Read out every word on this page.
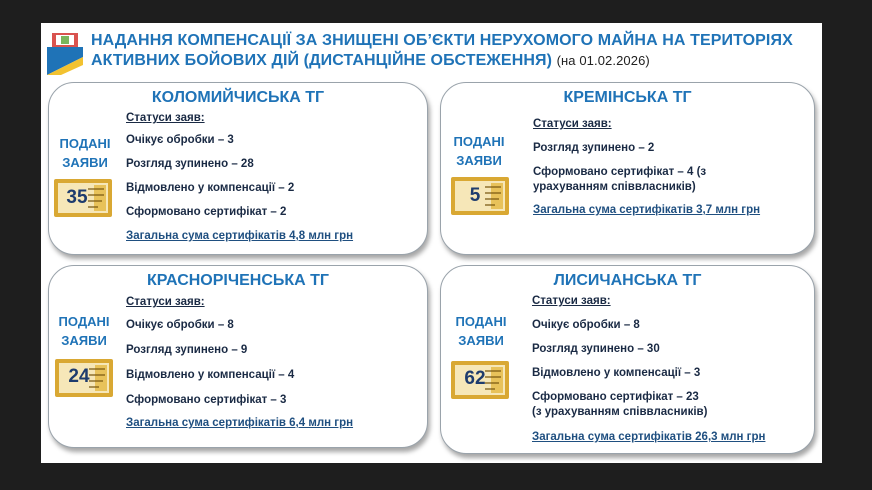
НАДАННЯ КОМПЕНСАЦІЇ ЗА ЗНИЩЕНІ ОБ’ЄКТИ НЕРУХОМОГО МАЙНА НА ТЕРИТОРІЯХ
АКТИВНИХ БОЙОВИХ ДІЙ (ДИСТАНЦІЙНЕ ОБСТЕЖЕННЯ) (на 01.02.2026)
КОЛОМИЙЧИСЬКА ТГ
ПОДАНІ
ЗАЯВИ
35
Статуси заяв:
Очікує обробки – 3
Розгляд зупинено – 28
Відмовлено у компенсації – 2
Сформовано сертифікат – 2
Загальна сума сертифікатів 4,8 млн грн
КРЕМІНСЬКА ТГ
ПОДАНІ
ЗАЯВИ
5
Статуси заяв:
Розгляд зупинено – 2
Сформовано сертифікат – 4 (з
урахуванням співвласників)
Загальна сума сертифікатів 3,7 млн грн
КРАСНОРІЧЕНСЬКА ТГ
ПОДАНІ
ЗАЯВИ
24
Статуси заяв:
Очікує обробки – 8
Розгляд зупинено – 9
Відмовлено у компенсації – 4
Сформовано сертифікат – 3
Загальна сума сертифікатів 6,4 млн грн
ЛИСИЧАНСЬКА ТГ
ПОДАНІ
ЗАЯВИ
62
Статуси заяв:
Очікує обробки – 8
Розгляд зупинено – 30
Відмовлено у компенсації – 3
Сформовано сертифікат – 23
(з урахуванням співвласників)
Загальна сума сертифікатів 26,3 млн грн
